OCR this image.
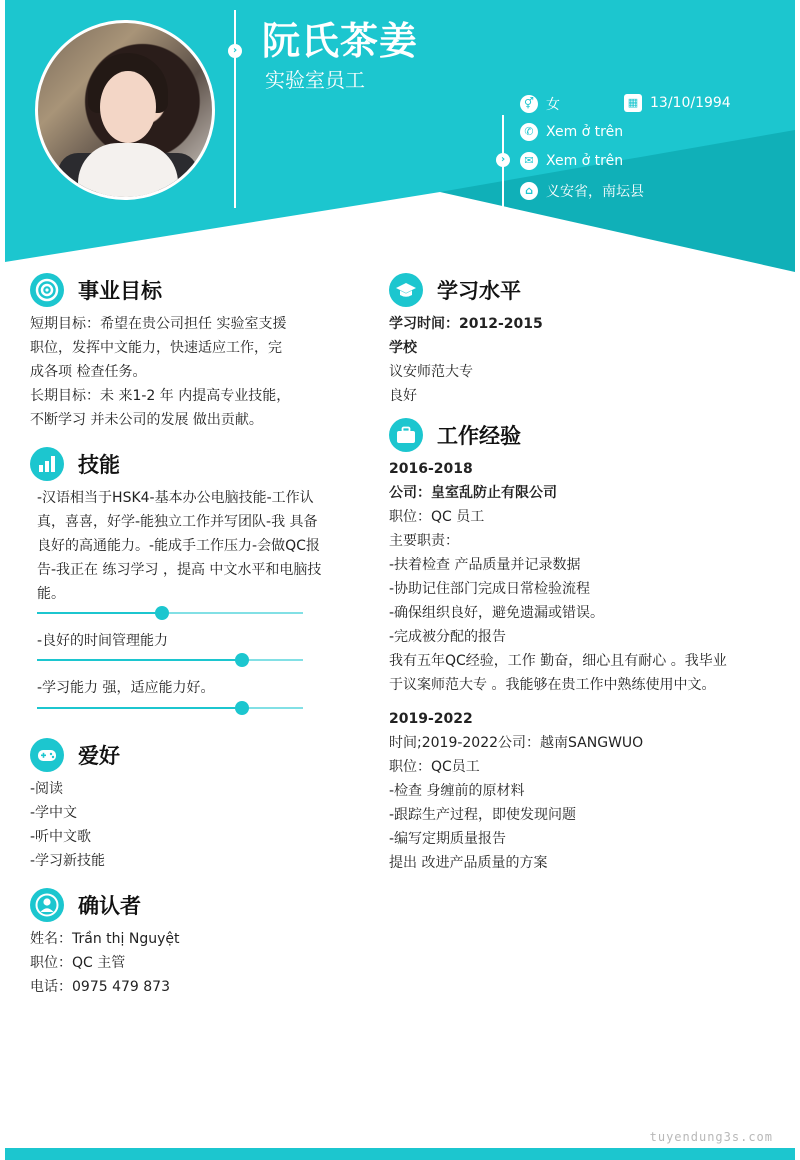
› 阮氏茶姜
实验室员工
›
⚥ 女	▦ 13/10/1994
✆ Xem ở trên
✉ Xem ở trên
⌂ 义安省，南坛县
事业目标
短期目标：希望在贵公司担任 实验室支援
职位，发挥中文能力，快速适应工作，完
成各项 检查任务。
长期目标：未 来1-2 年 内提高专业技能，
不断学习 并未公司的发展 做出贡献。
技能
-汉语相当于HSK4-基本办公电脑技能-工作认
真，喜喜，好学-能独立工作并写团队-我 具备
良好的高通能力。-能成手工作压力-会做QC报
告-我正在 练习学习 ，提高 中文水平和电脑技
能。
-良好的时间管理能力
-学习能力 强，适应能力好。
爱好
-阅读
-学中文
-听中文歌
-学习新技能
确认者
姓名：Trần thị Nguyệt
职位：QC 主管
电话：0975 479 873
学习水平
学习时间：2012-2015
学校
议安师范大专
良好
工作经验
2016-2018
公司：皇室乱防止有限公司
职位：QC 员工
主要职责：
-扶着检查 产品质量并记录数据
-协助记住部门完成日常检验流程
-确保组织良好，避免遗漏或错误。
-完成被分配的报告
我有五年QC经验，工作 勤奋，细心且有耐心 。我毕业
于议案师范大专 。我能够在贵工作中熟练使用中文。
2019-2022
时间;2019-2022公司：越南SANGWUO
职位：QC员工
-检查 身缠前的原材料
-跟踪生产过程，即使发现问题
-编写定期质量报告
提出 改进产品质量的方案
tuyendung3s.com
